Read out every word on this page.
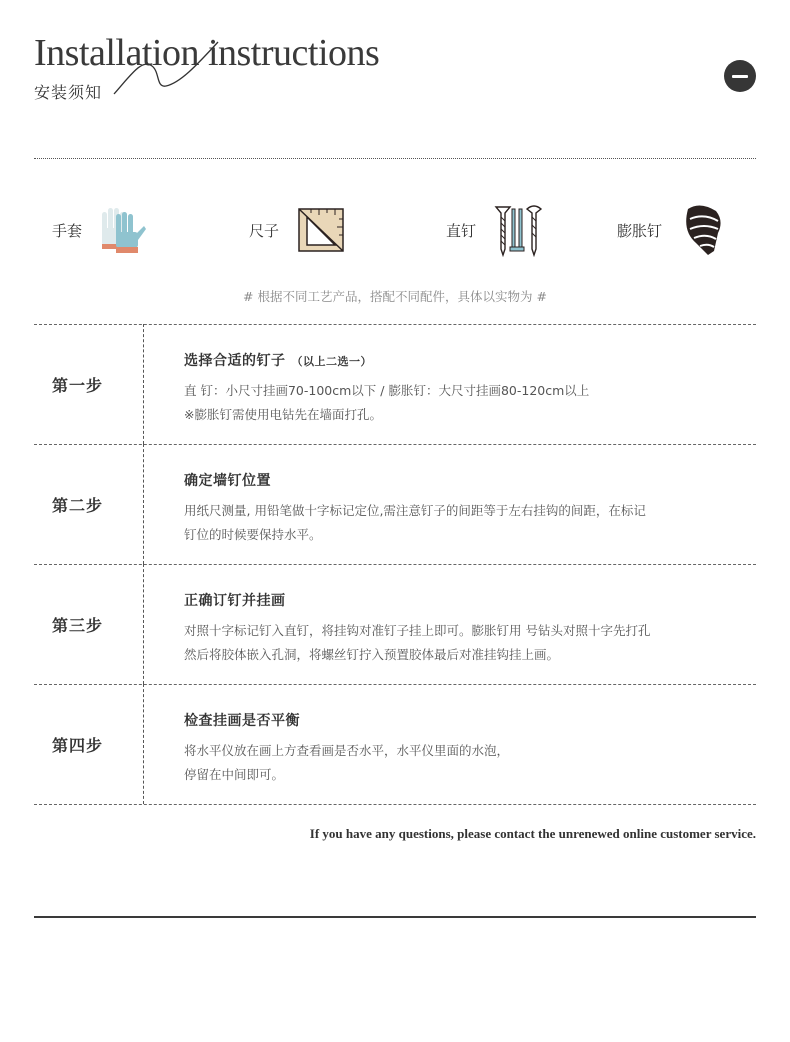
Installation instructions
安装须知
手套	尺子	直钉	膨胀钉
# 根据不同工艺产品，搭配不同配件，具体以实物为 #
第一步
选择合适的钉子 （以上二选一）
直 钉：小尺寸挂画70-100cm以下 / 膨胀钉：大尺寸挂画80-120cm以上
※膨胀钉需使用电钻先在墙面打孔。
第二步
确定墙钉位置
用纸尺测量, 用铅笔做十字标记定位,需注意钉子的间距等于左右挂钩的间距，在标记
钉位的时候要保持水平。
第三步
正确订钉并挂画
对照十字标记钉入直钉，将挂钩对准钉子挂上即可。膨胀钉用 号钻头对照十字先打孔
然后将胶体嵌入孔洞，将螺丝钉拧入预置胶体最后对准挂钩挂上画。
第四步
检查挂画是否平衡
将水平仪放在画上方查看画是否水平，水平仪里面的水泡，
停留在中间即可。
If you have any questions, please contact the unrenewed online customer service.
